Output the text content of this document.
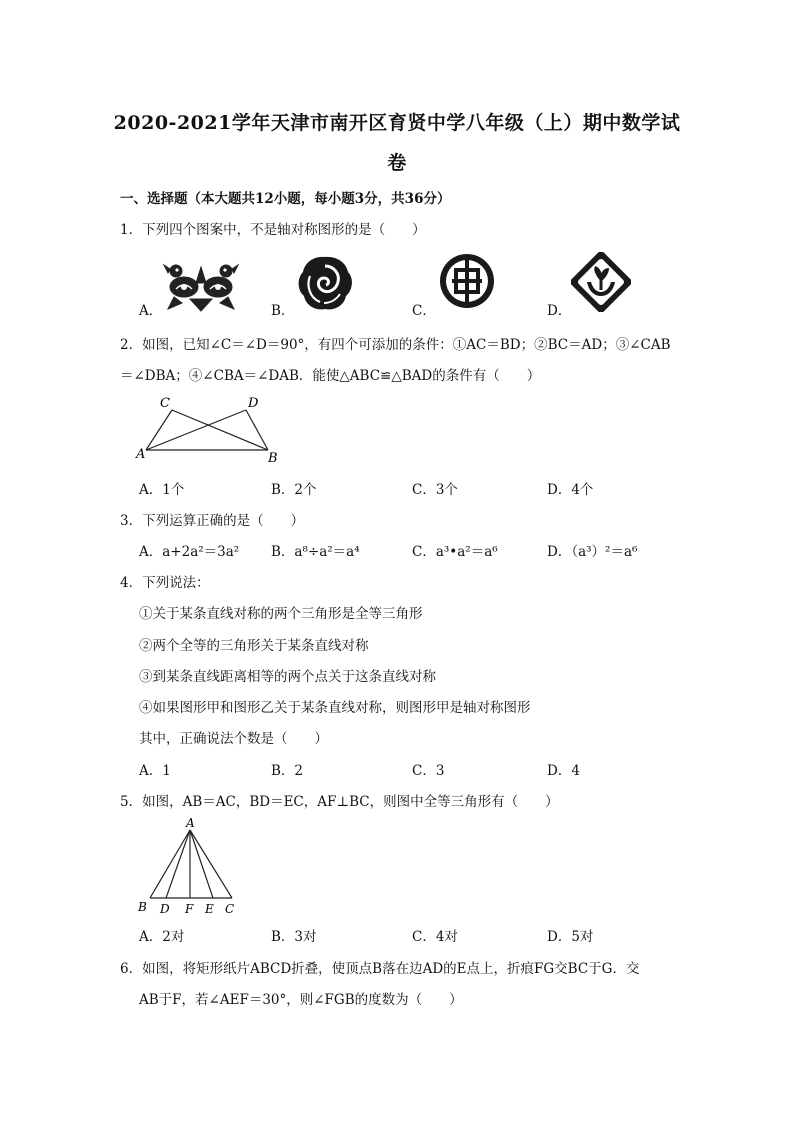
2020-2021学年天津市南开区育贤中学八年级（上）期中数学试
卷
一、选择题（本大题共12小题，每小题3分，共36分）
1．下列四个图案中，不是轴对称图形的是（　　）
A．	B．	C．	D．
2．如图，已知∠C＝∠D＝90°，有四个可添加的条件：①AC＝BD；②BC＝AD；③∠CAB
＝∠DBA；④∠CBA＝∠DAB．能使△ABC≌△BAD的条件有（　　）
C	D
A	B
A．1个	B．2个	C．3个	D．4个
3．下列运算正确的是（　　）
A．a+2a²＝3a² B．a⁸÷a²＝a⁴	C．a³•a²＝a⁶	D．（a³）²＝a⁶
4．下列说法：
①关于某条直线对称的两个三角形是全等三角形
②两个全等的三角形关于某条直线对称
③到某条直线距离相等的两个点关于这条直线对称
④如果图形甲和图形乙关于某条直线对称，则图形甲是轴对称图形
其中，正确说法个数是（　　）
A．1	B．2	C．3	D．4
5．如图，AB＝AC，BD＝EC，AF⊥BC，则图中全等三角形有（　　）
A
B D F E C
A．2对	B．3对	C．4对	D．5对
6．如图，将矩形纸片ABCD折叠，使顶点B落在边AD的E点上，折痕FG交BC于G．交
AB于F，若∠AEF＝30°，则∠FGB的度数为（　　）
